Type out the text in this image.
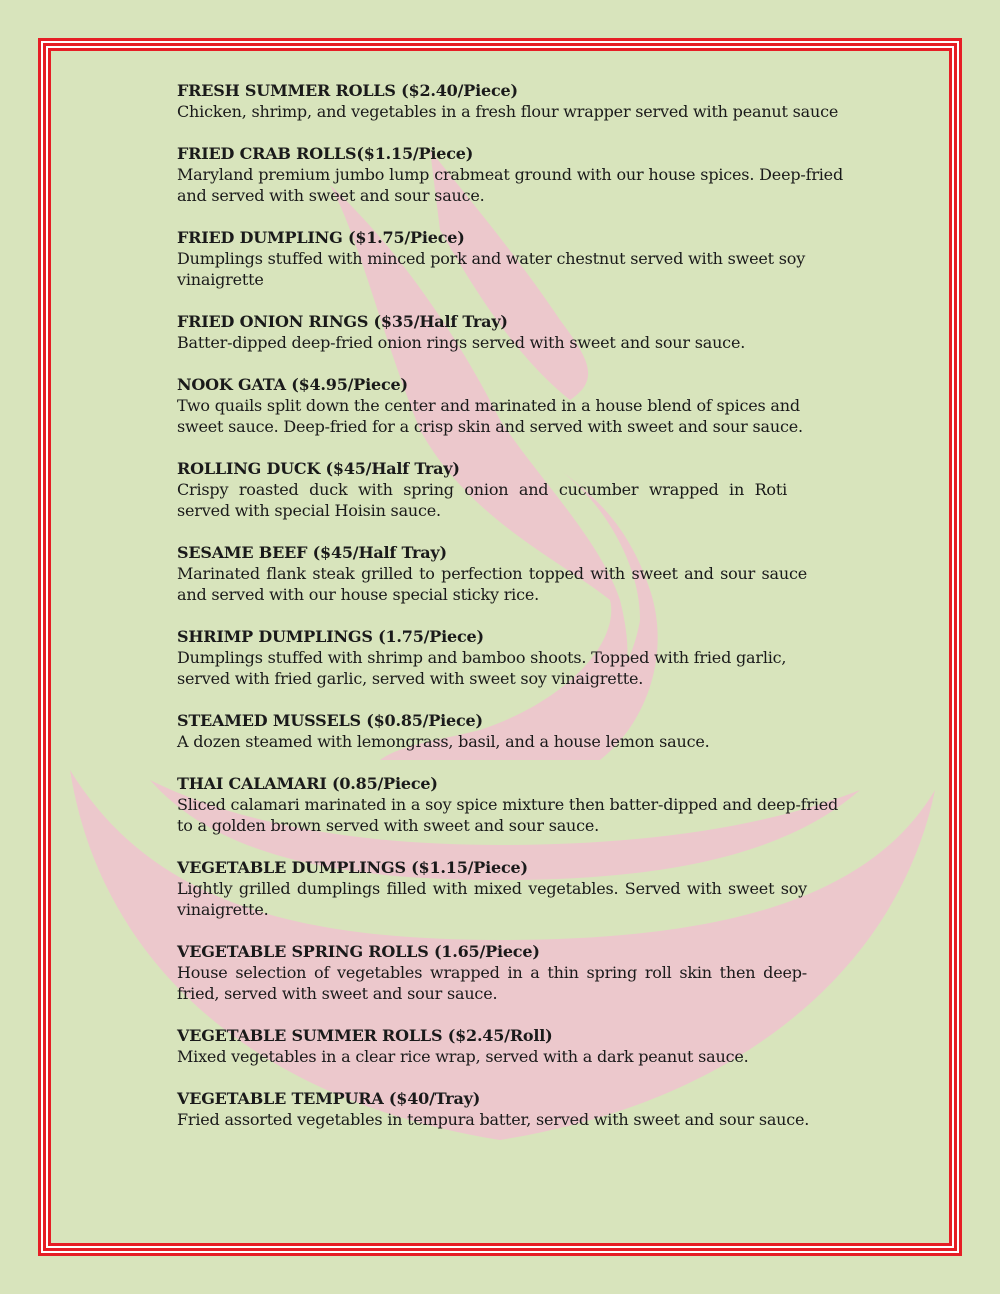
FRESH SUMMER ROLLS ($2.40/Piece)
Chicken, shrimp, and vegetables in a fresh flour wrapper served with peanut sauce
FRIED CRAB ROLLS($1.15/Piece)
Maryland premium jumbo lump crabmeat ground with our house spices. Deep-fried and served with sweet and sour sauce.
FRIED DUMPLING ($1.75/Piece)
Dumplings stuffed with minced pork and water chestnut served with sweet soy vinaigrette
FRIED ONION RINGS ($35/Half Tray)
Batter-dipped deep-fried onion rings served with sweet and sour sauce.
NOOK GATA ($4.95/Piece)
Two quails split down the center and marinated in a house blend of spices and sweet sauce. Deep-fried for a crisp skin and served with sweet and sour sauce.
ROLLING DUCK ($45/Half Tray)
Crispy roasted duck with spring onion and cucumber wrapped in Roti served with special Hoisin sauce.
SESAME BEEF ($45/Half Tray)
Marinated flank steak grilled to perfection topped with sweet and sour sauce and served with our house special sticky rice.
SHRIMP DUMPLINGS (1.75/Piece)
Dumplings stuffed with shrimp and bamboo shoots. Topped with fried garlic, served with fried garlic, served with sweet soy vinaigrette.
STEAMED MUSSELS ($0.85/Piece)
A dozen steamed with lemongrass, basil, and a house lemon sauce.
THAI CALAMARI (0.85/Piece)
Sliced calamari marinated in a soy spice mixture then batter-dipped and deep-fried to a golden brown served with sweet and sour sauce.
VEGETABLE DUMPLINGS ($1.15/Piece)
Lightly grilled dumplings filled with mixed vegetables. Served with sweet soy vinaigrette.
VEGETABLE SPRING ROLLS (1.65/Piece)
House selection of vegetables wrapped in a thin spring roll skin then deep-fried, served with sweet and sour sauce.
VEGETABLE SUMMER ROLLS ($2.45/Roll)
Mixed vegetables in a clear rice wrap, served with a dark peanut sauce.
VEGETABLE TEMPURA ($40/Tray)
Fried assorted vegetables in tempura batter, served with sweet and sour sauce.
